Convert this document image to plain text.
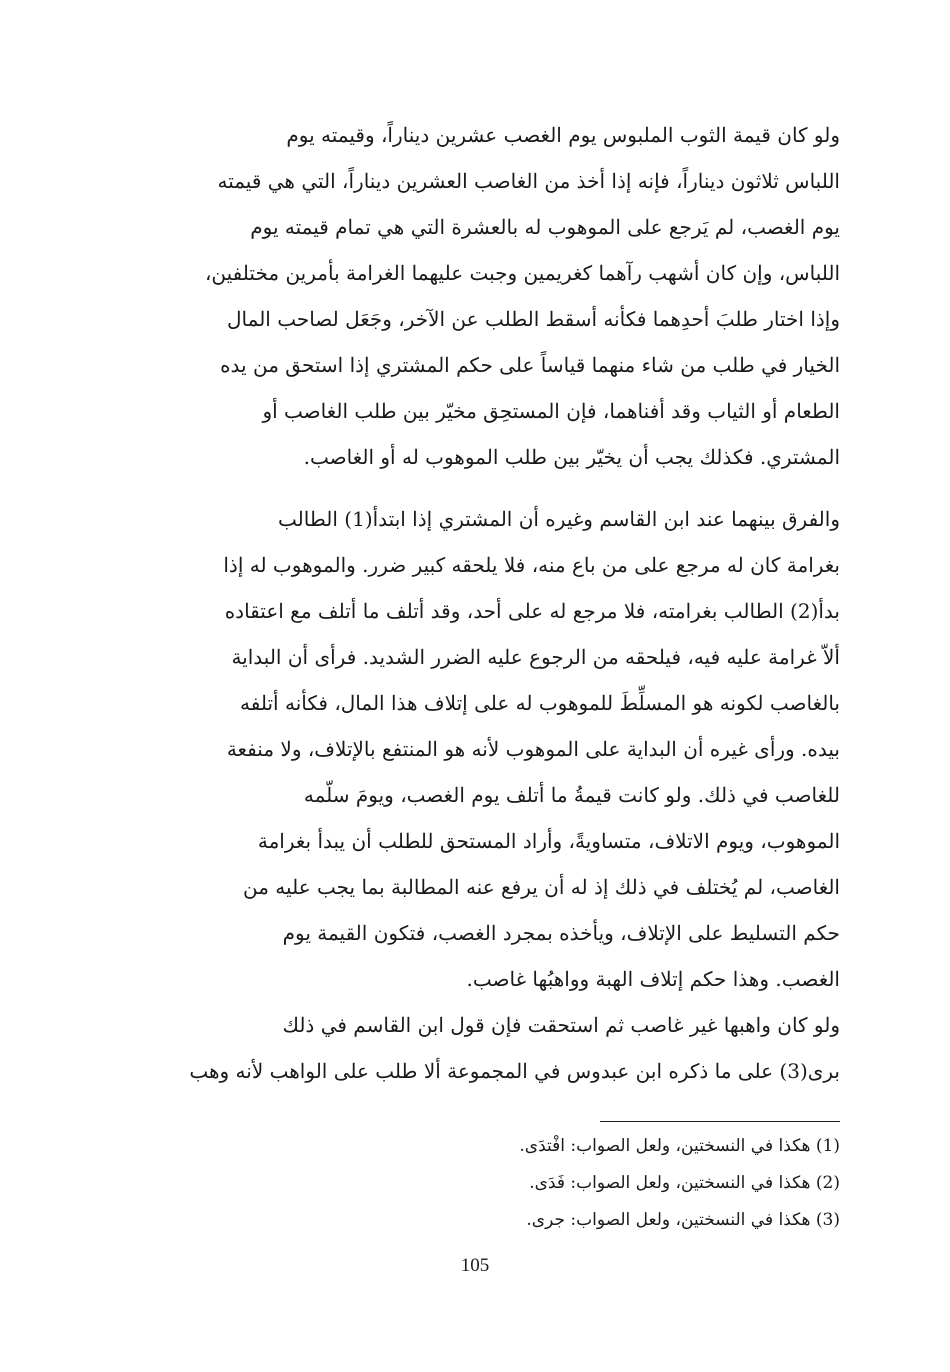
ولو كان قيمة الثوب الملبوس يوم الغصب عشرين ديناراً، وقيمته يوم
اللباس ثلاثون ديناراً، فإنه إذا أخذ من الغاصب العشرين ديناراً، التي هي قيمته
يوم الغصب، لم يَرجع على الموهوب له بالعشرة التي هي تمام قيمته يوم
اللباس، وإن كان أشهب رآهما كغريمين وجبت عليهما الغرامة بأمرين مختلفين،
وإذا اختار طلبَ أحدِهما فكأنه أسقط الطلب عن الآخر، وجَعَل لصاحب المال
الخيار في طلب من شاء منهما قياساً على حكم المشتري إذا استحق من يده
الطعام أو الثياب وقد أفناهما، فإن المستحِق مخيّر بين طلب الغاصب أو
المشتري. فكذلك يجب أن يخيّر بين طلب الموهوب له أو الغاصب.
والفرق بينهما عند ابن القاسم وغيره أن المشتري إذا ابتدأ(1) الطالب
بغرامة كان له مرجع على من باع منه، فلا يلحقه كبير ضرر. والموهوب له إذا
بدأ(2) الطالب بغرامته، فلا مرجع له على أحد، وقد أتلف ما أتلف مع اعتقاده
ألاّ غرامة عليه فيه، فيلحقه من الرجوع عليه الضرر الشديد. فرأى أن البداية
بالغاصب لكونه هو المسلِّطَ للموهوب له على إتلاف هذا المال، فكأنه أتلفه
بيده. ورأى غيره أن البداية على الموهوب لأنه هو المنتفع بالإتلاف، ولا منفعة
للغاصب في ذلك. ولو كانت قيمةُ ما أتلف يوم الغصب، ويومَ سلّمه
الموهوب، ويوم الاتلاف، متساويةً، وأراد المستحق للطلب أن يبدأ بغرامة
الغاصب، لم يُختلف في ذلك إذ له أن يرفع عنه المطالبة بما يجب عليه من
حكم التسليط على الإتلاف، ويأخذه بمجرد الغصب، فتكون القيمة يوم
الغصب. وهذا حكم إتلاف الهبة وواهبُها غاصب.
ولو كان واهبها غير غاصب ثم استحقت فإن قول ابن القاسم في ذلك
برى(3) على ما ذكره ابن عبدوس في المجموعة ألا طلب على الواهب لأنه وهب
(1) هكذا في النسختين، ولعل الصواب: افْتدَى.
(2) هكذا في النسختين، ولعل الصواب: فَدَى.
(3) هكذا في النسختين، ولعل الصواب: جرى.
105
